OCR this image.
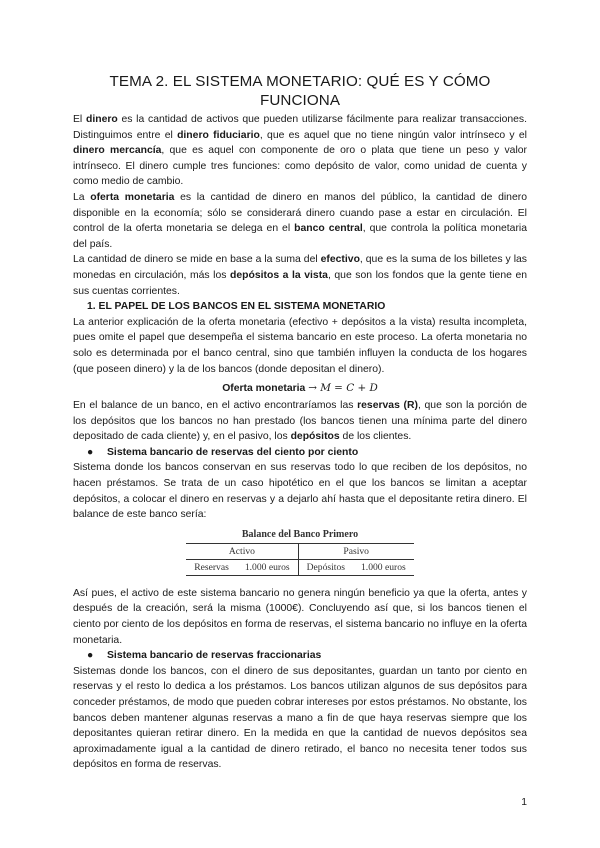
TEMA 2. EL SISTEMA MONETARIO: QUÉ ES Y CÓMO FUNCIONA

El dinero es la cantidad de activos que pueden utilizarse fácilmente para realizar transacciones. Distinguimos entre el dinero fiduciario, que es aquel que no tiene ningún valor intrínseco y el dinero mercancía, que es aquel con componente de oro o plata que tiene un peso y valor intrínseco. El dinero cumple tres funciones: como depósito de valor, como unidad de cuenta y como medio de cambio.

La oferta monetaria es la cantidad de dinero en manos del público, la cantidad de dinero disponible en la economía; sólo se considerará dinero cuando pase a estar en circulación. El control de la oferta monetaria se delega en el banco central, que controla la política monetaria del país.

La cantidad de dinero se mide en base a la suma del efectivo, que es la suma de los billetes y las monedas en circulación, más los depósitos a la vista, que son los fondos que la gente tiene en sus cuentas corrientes.

1. EL PAPEL DE LOS BANCOS EN EL SISTEMA MONETARIO

La anterior explicación de la oferta monetaria (efectivo + depósitos a la vista) resulta incompleta, pues omite el papel que desempeña el sistema bancario en este proceso. La oferta monetaria no solo es determinada por el banco central, sino que también influyen la conducta de los hogares (que poseen dinero) y la de los bancos (donde depositan el dinero).

Oferta monetaria → M = C + D

En el balance de un banco, en el activo encontraríamos las reservas (R), que son la porción de los depósitos que los bancos no han prestado (los bancos tienen una mínima parte del dinero depositado de cada cliente) y, en el pasivo, los depósitos de los clientes.

● Sistema bancario de reservas del ciento por ciento

Sistema donde los bancos conservan en sus reservas todo lo que reciben de los depósitos, no hacen préstamos. Se trata de un caso hipotético en el que los bancos se limitan a aceptar depósitos, a colocar el dinero en reservas y a dejarlo ahí hasta que el depositante retira dinero. El balance de este banco sería:

Balance del Banco Primero
Activo		Pasivo	
Reservas	1.000 euros	Depósitos	1.000 euros

Así pues, el activo de este sistema bancario no genera ningún beneficio ya que la oferta, antes y después de la creación, será la misma (1000€). Concluyendo así que, si los bancos tienen el ciento por ciento de los depósitos en forma de reservas, el sistema bancario no influye en la oferta monetaria.

● Sistema bancario de reservas fraccionarias

Sistemas donde los bancos, con el dinero de sus depositantes, guardan un tanto por ciento en reservas y el resto lo dedica a los préstamos. Los bancos utilizan algunos de sus depósitos para conceder préstamos, de modo que pueden cobrar intereses por estos préstamos. No obstante, los bancos deben mantener algunas reservas a mano a fin de que haya reservas siempre que los depositantes quieran retirar dinero. En la medida en que la cantidad de nuevos depósitos sea aproximadamente igual a la cantidad de dinero retirado, el banco no necesita tener todos sus depósitos en forma de reservas.

1
